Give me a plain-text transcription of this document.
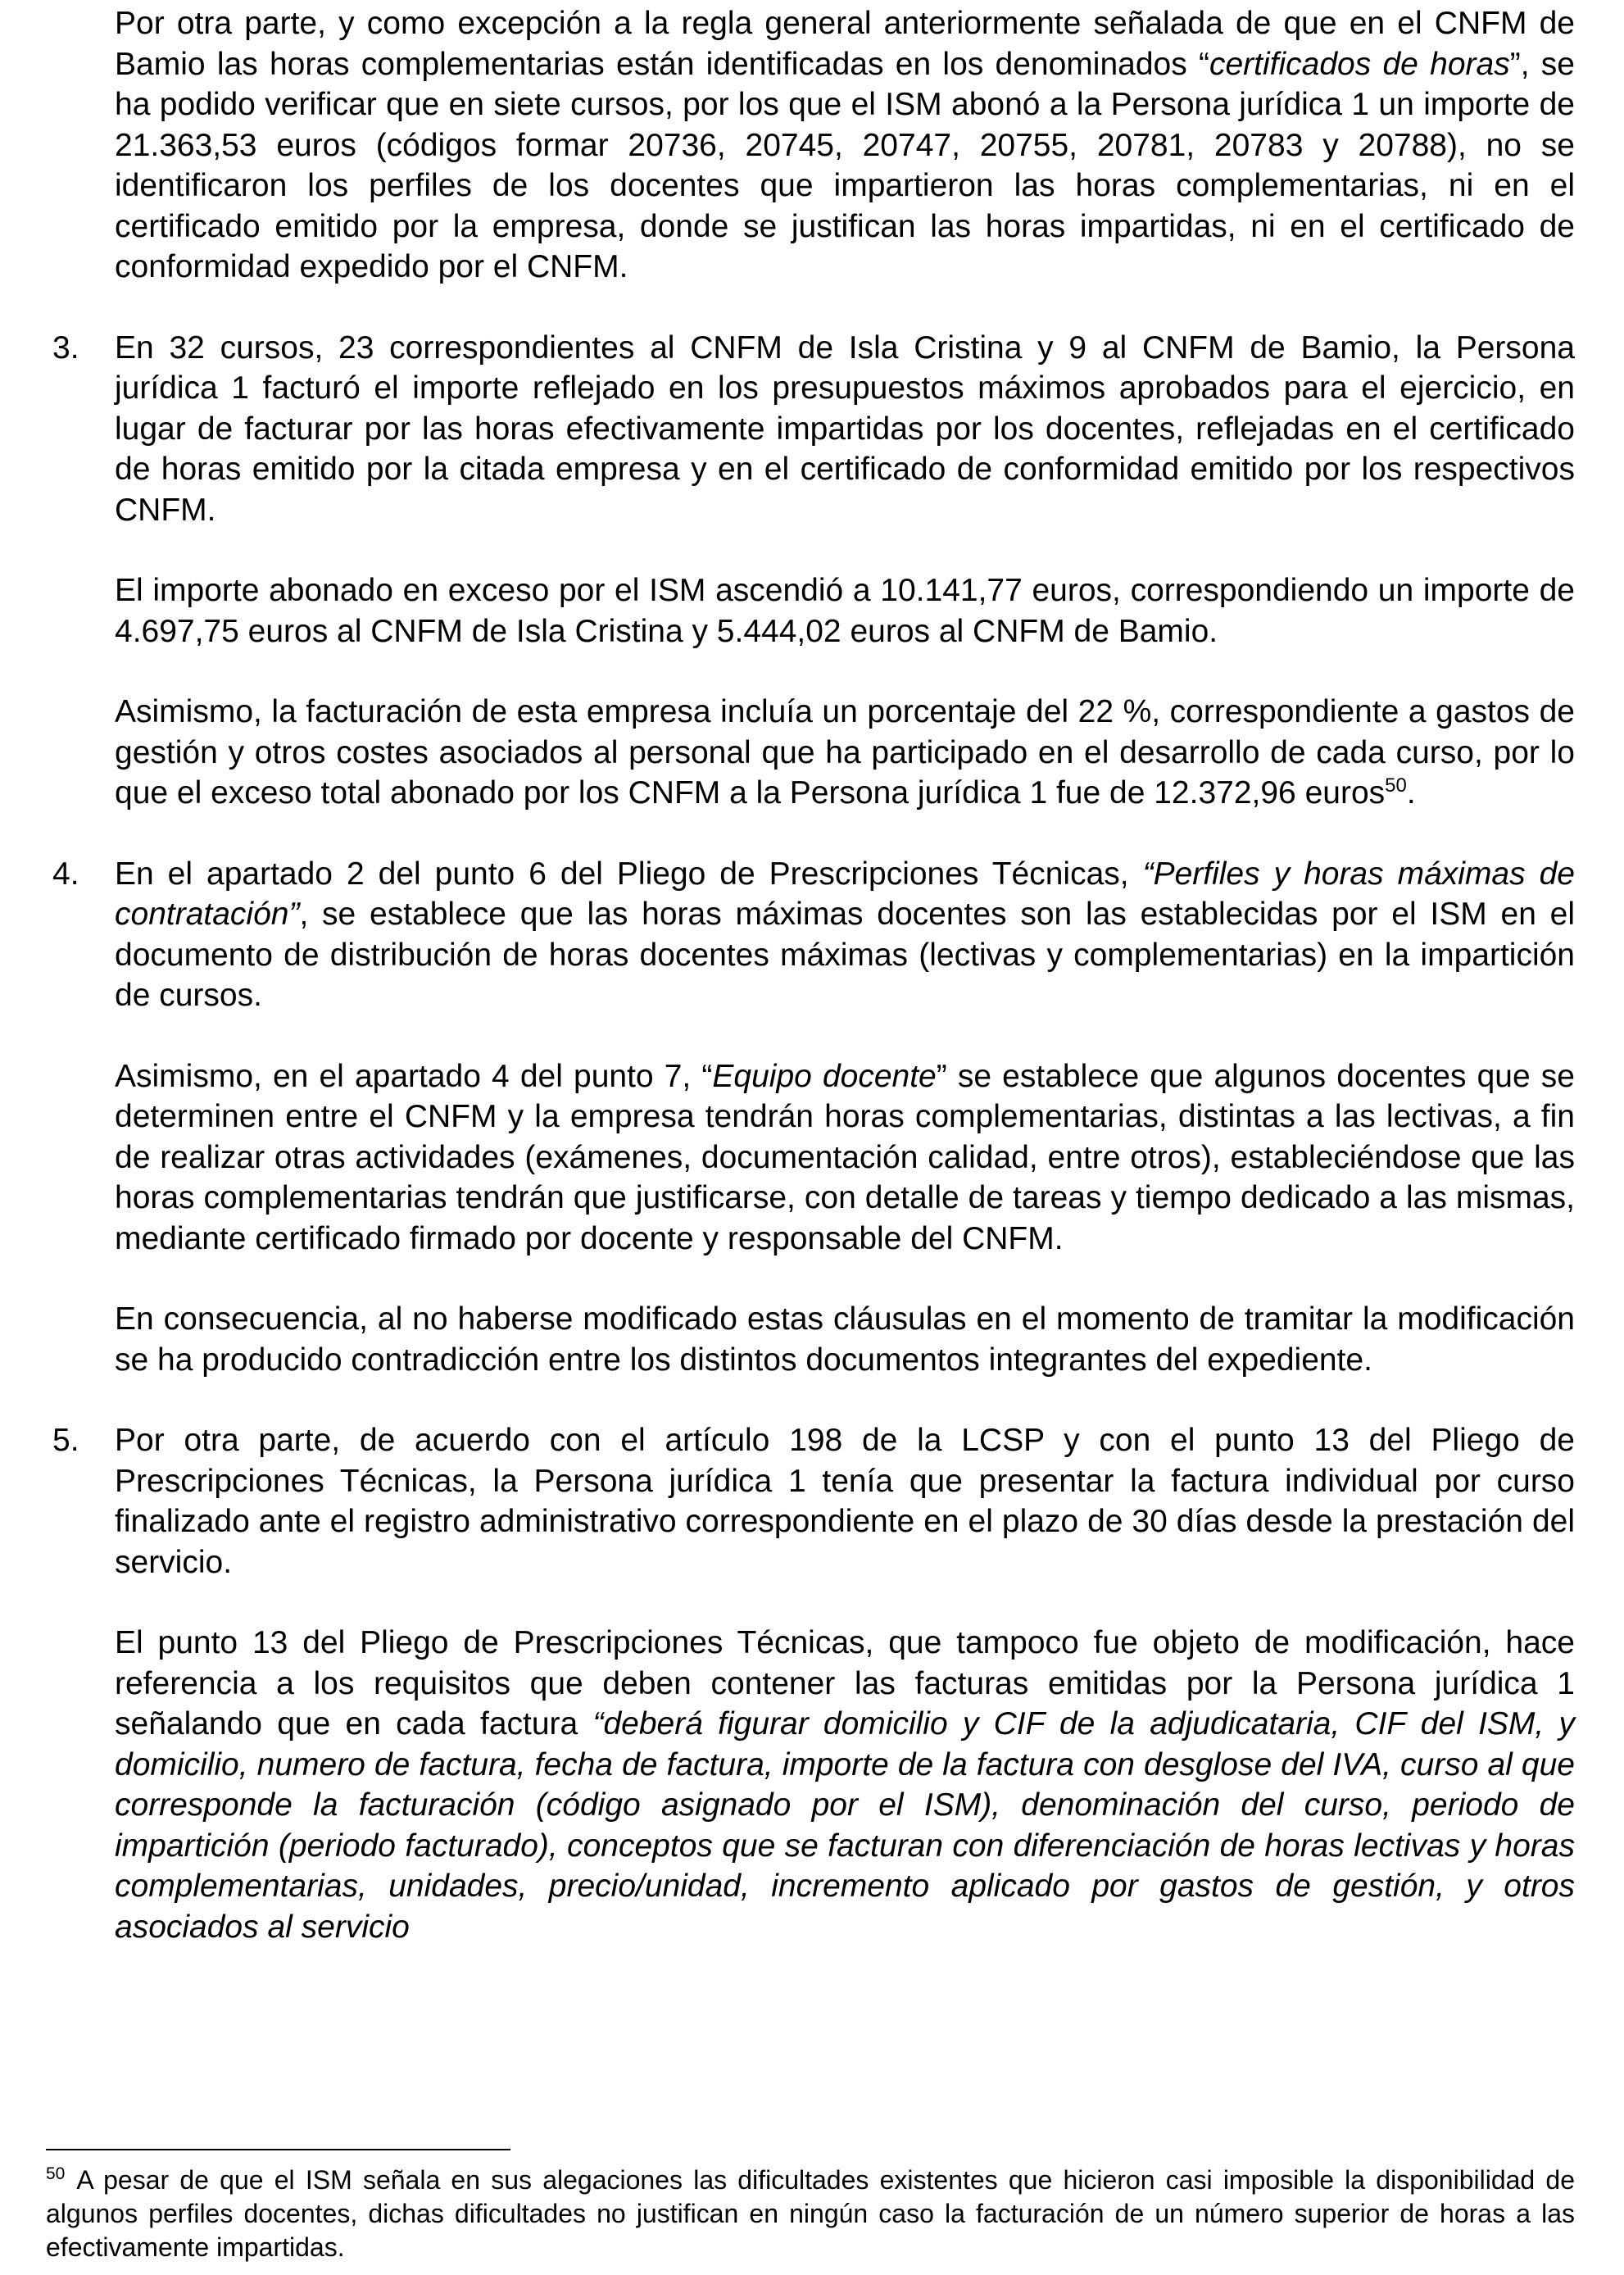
Por otra parte, y como excepción a la regla general anteriormente señalada de que en el CNFM de Bamio las horas complementarias están identificadas en los denominados “certificados de horas”, se ha podido verificar que en siete cursos, por los que el ISM abonó a la Persona jurídica 1 un importe de 21.363,53 euros (códigos formar 20736, 20745, 20747, 20755, 20781, 20783 y 20788), no se identificaron los perfiles de los docentes que impartieron las horas complementarias, ni en el certificado emitido por la empresa, donde se justifican las horas impartidas, ni en el certificado de conformidad expedido por el CNFM.

3. En 32 cursos, 23 correspondientes al CNFM de Isla Cristina y 9 al CNFM de Bamio, la Persona jurídica 1 facturó el importe reflejado en los presupuestos máximos aprobados para el ejercicio, en lugar de facturar por las horas efectivamente impartidas por los docentes, reflejadas en el certificado de horas emitido por la citada empresa y en el certificado de conformidad emitido por los respectivos CNFM.

El importe abonado en exceso por el ISM ascendió a 10.141,77 euros, correspondiendo un importe de 4.697,75 euros al CNFM de Isla Cristina y 5.444,02 euros al CNFM de Bamio.

Asimismo, la facturación de esta empresa incluía un porcentaje del 22 %, correspondiente a gastos de gestión y otros costes asociados al personal que ha participado en el desarrollo de cada curso, por lo que el exceso total abonado por los CNFM a la Persona jurídica 1 fue de 12.372,96 euros$^{50}$.

4. En el apartado 2 del punto 6 del Pliego de Prescripciones Técnicas, “Perfiles y horas máximas de contratación”, se establece que las horas máximas docentes son las establecidas por el ISM en el documento de distribución de horas docentes máximas (lectivas y complementarias) en la impartición de cursos.

Asimismo, en el apartado 4 del punto 7, “Equipo docente” se establece que algunos docentes que se determinen entre el CNFM y la empresa tendrán horas complementarias, distintas a las lectivas, a fin de realizar otras actividades (exámenes, documentación calidad, entre otros), estableciéndose que las horas complementarias tendrán que justificarse, con detalle de tareas y tiempo dedicado a las mismas, mediante certificado firmado por docente y responsable del CNFM.

En consecuencia, al no haberse modificado estas cláusulas en el momento de tramitar la modificación se ha producido contradicción entre los distintos documentos integrantes del expediente.

5. Por otra parte, de acuerdo con el artículo 198 de la LCSP y con el punto 13 del Pliego de Prescripciones Técnicas, la Persona jurídica 1 tenía que presentar la factura individual por curso finalizado ante el registro administrativo correspondiente en el plazo de 30 días desde la prestación del servicio.

El punto 13 del Pliego de Prescripciones Técnicas, que tampoco fue objeto de modificación, hace referencia a los requisitos que deben contener las facturas emitidas por la Persona jurídica 1 señalando que en cada factura “deberá figurar domicilio y CIF de la adjudicataria, CIF del ISM, y domicilio, numero de factura, fecha de factura, importe de la factura con desglose del IVA, curso al que corresponde la facturación (código asignado por el ISM), denominación del curso, periodo de impartición (periodo facturado), conceptos que se facturan con diferenciación de horas lectivas y horas complementarias, unidades, precio/unidad, incremento aplicado por gastos de gestión, y otros asociados al servicio

$^{50}$ A pesar de que el ISM señala en sus alegaciones las dificultades existentes que hicieron casi imposible la disponibilidad de algunos perfiles docentes, dichas dificultades no justifican en ningún caso la facturación de un número superior de horas a las efectivamente impartidas.
